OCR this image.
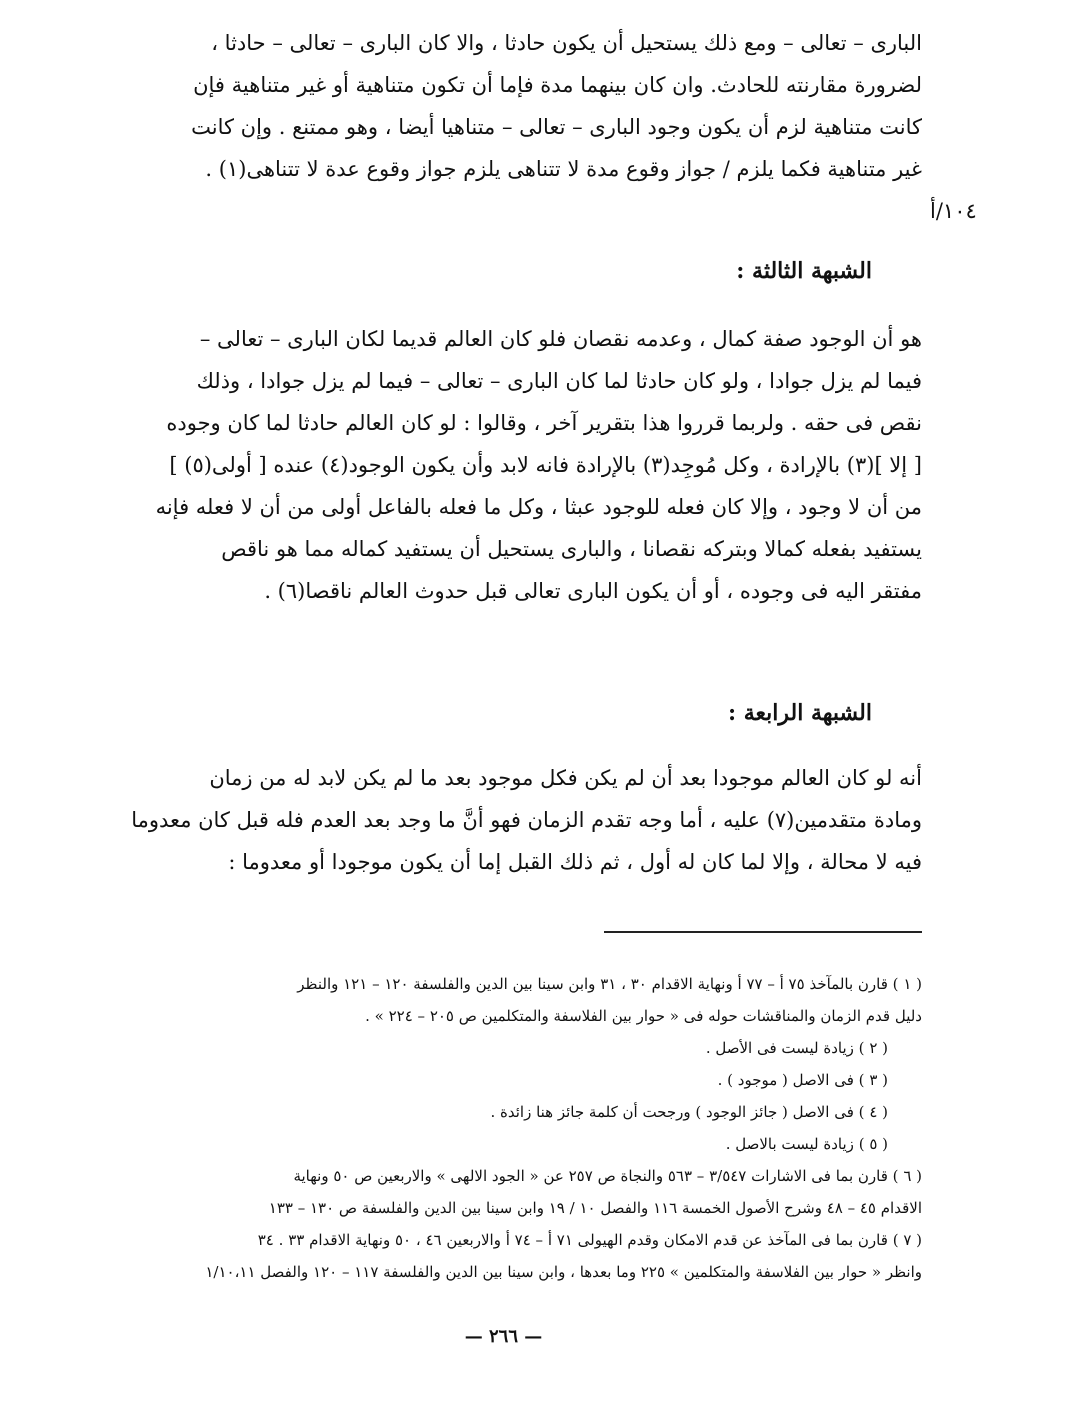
البارى – تعالى – ومع ذلك يستحيل أن يكون حادثا ، والا كان البارى – تعالى – حادثا ،

لضرورة مقارنته للحادث. وان كان بينهما مدة فإما أن تكون متناهية أو غير متناهية فإن

كانت متناهية لزم أن يكون وجود البارى – تعالى – متناهيا أيضا ، وهو ممتنع . وإن كانت

غير متناهية فكما يلزم / جواز وقوع مدة لا تتناهى يلزم جواز وقوع عدة لا تتناهى(١) .

١٠٤/أ
الشبهة الثالثة :

هو أن الوجود صفة كمال ، وعدمه نقصان فلو كان العالم قديما لكان البارى – تعالى –

فيما لم يزل جوادا ، ولو كان حادثا لما كان البارى – تعالى – فيما لم يزل جوادا ، وذلك

نقص فى حقه . ولربما قرروا هذا بتقرير آخر ، وقالوا : لو كان العالم حادثا لما كان وجوده

[ إلا ](٣) بالإرادة ، وكل مُوجِد(٣) بالإرادة فانه لابد وأن يكون الوجود(٤) عنده [ أولى(٥) ]

من أن لا وجود ، وإلا كان فعله للوجود عبثا ، وكل ما فعله بالفاعل أولى من أن لا فعله فإنه

يستفيد بفعله كمالا وبتركه نقصانا ، والبارى يستحيل أن يستفيد كماله مما هو ناقص

مفتقر اليه فى وجوده ، أو أن يكون البارى تعالى قبل حدوث العالم ناقصا(٦) .

الشبهة الرابعة :

أنه لو كان العالم موجودا بعد أن لم يكن فكل موجود بعد ما لم يكن لابد له من زمان

ومادة متقدمين(٧) عليه ، أما وجه تقدم الزمان فهو أنَّ ما وجد بعد العدم فله قبل كان معدوما

فيه لا محالة ، وإلا لما كان له أول ، ثم ذلك القبل إما أن يكون موجودا أو معدوما :

( ١ ) قارن بالمآخذ ٧٥ أ – ٧٧ أ ونهاية الاقدام ٣٠ ، ٣١ وابن سينا بين الدين والفلسفة ١٢٠ – ١٢١ والنظر

دليل قدم الزمان والمناقشات حوله فى « حوار بين الفلاسفة والمتكلمين ص ٢٠٥ – ٢٢٤ » .

( ٢ ) زيادة ليست فى الأصل .

( ٣ ) فى الاصل ( موجود ) .

( ٤ ) فى الاصل ( جائز الوجود ) ورجحت أن كلمة جائز هنا زائدة .

( ٥ ) زيادة ليست بالاصل .

( ٦ ) قارن بما فى الاشارات ٣/٥٤٧ – ٥٦٣ والنجاة ص ٢٥٧ عن « الجود الالهى » والاربعين ص ٥٠ ونهاية

الاقدام ٤٥ – ٤٨ وشرح الأصول الخمسة ١١٦ والفصل ١٠ / ١٩ وابن سينا بين الدين والفلسفة ص ١٣٠ – ١٣٣

( ٧ ) قارن بما فى المآخذ عن قدم الامكان وقدم الهيولى ٧١ أ – ٧٤ أ والاربعين ٤٦ ، ٥٠ ونهاية الاقدام ٣٣ . ٣٤

وانظر « حوار بين الفلاسفة والمتكلمين » ٢٢٥ وما بعدها ، وابن سينا بين الدين والفلسفة ١١٧ – ١٢٠ والفصل ١/١٠،١١

— ٢٦٦ —
